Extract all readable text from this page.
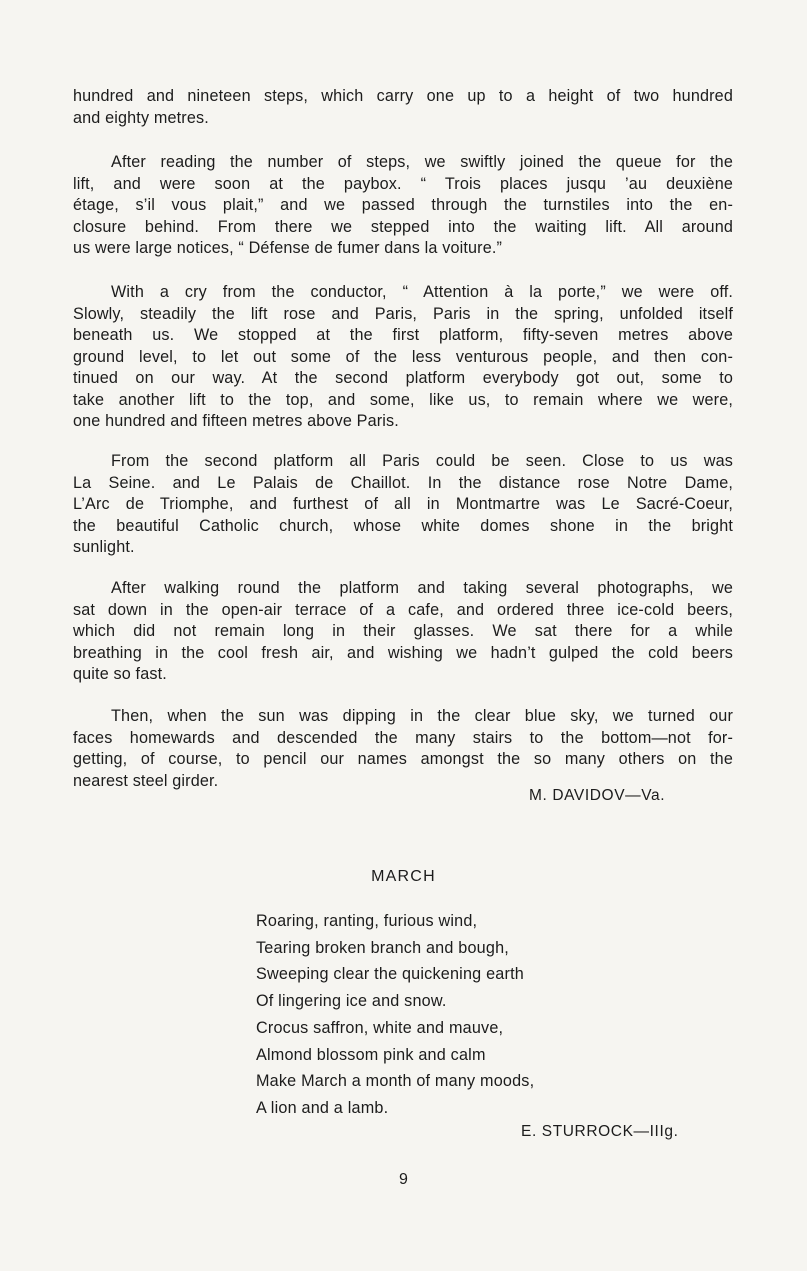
hundred and nineteen steps, which carry one up to a height of two hundred
and eighty metres.
After reading the number of steps, we swiftly joined the queue for the
lift, and were soon at the paybox. “ Trois places jusqu ’au deuxiène
étage, s’il vous plait,” and we passed through the turnstiles into the en-
closure behind. From there we stepped into the waiting lift. All around
us were large notices, “ Défense de fumer dans la voiture.”
With a cry from the conductor, “ Attention à la porte,” we were off.
Slowly, steadily the lift rose and Paris, Paris in the spring, unfolded itself
beneath us. We stopped at the first platform, fifty-seven metres above
ground level, to let out some of the less venturous people, and then con-
tinued on our way. At the second platform everybody got out, some to
take another lift to the top, and some, like us, to remain where we were,
one hundred and fifteen metres above Paris.
From the second platform all Paris could be seen. Close to us was
La Seine. and Le Palais de Chaillot. In the distance rose Notre Dame,
L’Arc de Triomphe, and furthest of all in Montmartre was Le Sacré-Coeur,
the beautiful Catholic church, whose white domes shone in the bright
sunlight.
After walking round the platform and taking several photographs, we
sat down in the open-air terrace of a cafe, and ordered three ice-cold beers,
which did not remain long in their glasses. We sat there for a while
breathing in the cool fresh air, and wishing we hadn’t gulped the cold beers
quite so fast.
Then, when the sun was dipping in the clear blue sky, we turned our
faces homewards and descended the many stairs to the bottom—not for-
getting, of course, to pencil our names amongst the so many others on the
nearest steel girder.
M. DAVIDOV—Va.
MARCH
Roaring, ranting, furious wind,
Tearing broken branch and bough,
Sweeping clear the quickening earth
Of lingering ice and snow.
Crocus saffron, white and mauve,
Almond blossom pink and calm
Make March a month of many moods,
A lion and a lamb.
E. STURROCK—IIIg.
9
